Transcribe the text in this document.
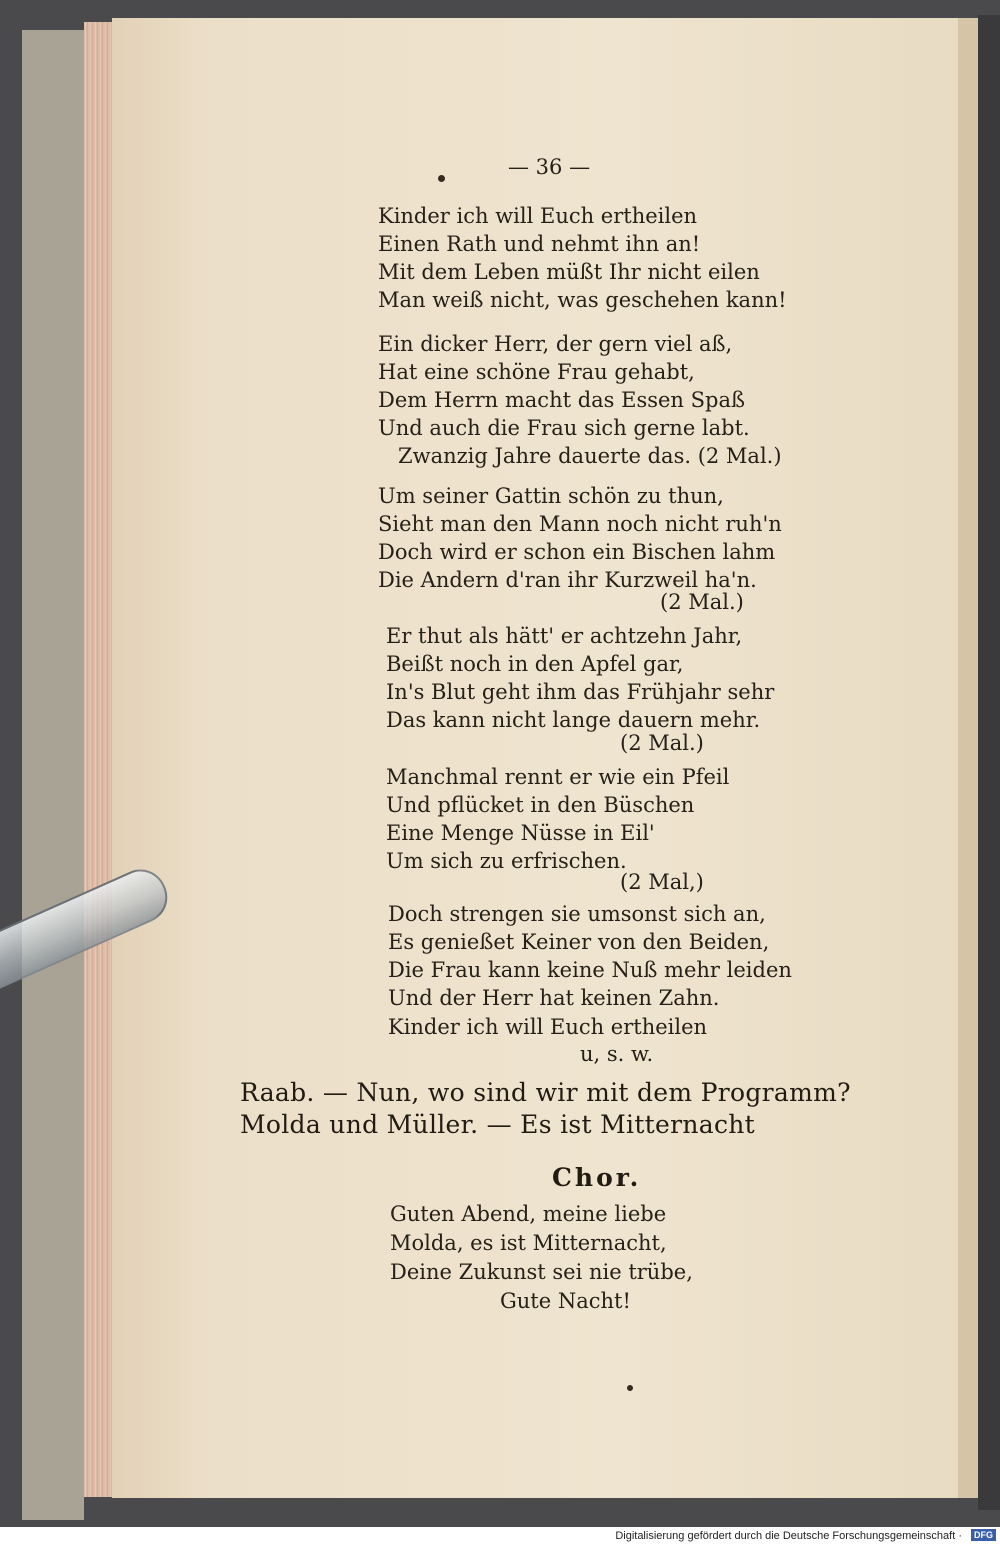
— 36 —
Kinder ich will Euch ertheilen
Einen Rath und nehmt ihn an!
Mit dem Leben müßt Ihr nicht eilen
Man weiß nicht, was geschehen kann!
Ein dicker Herr, der gern viel aß,
Hat eine schöne Frau gehabt,
Dem Herrn macht das Essen Spaß
Und auch die Frau sich gerne labt.
Zwanzig Jahre dauerte das. (2 Mal.)
Um seiner Gattin schön zu thun,
Sieht man den Mann noch nicht ruh'n
Doch wird er schon ein Bischen lahm
Die Andern d'ran ihr Kurzweil ha'n.
(2 Mal.)
Er thut als hätt' er achtzehn Jahr,
Beißt noch in den Apfel gar,
In's Blut geht ihm das Frühjahr sehr
Das kann nicht lange dauern mehr.
(2 Mal.)
Manchmal rennt er wie ein Pfeil
Und pflücket in den Büschen
Eine Menge Nüsse in Eil'
Um sich zu erfrischen.
(2 Mal,)
Doch strengen sie umsonst sich an,
Es genießet Keiner von den Beiden,
Die Frau kann keine Nuß mehr leiden
Und der Herr hat keinen Zahn.
Kinder ich will Euch ertheilen
u, s. w.
Raab. — Nun, wo sind wir mit dem Programm?
Molda und Müller. — Es ist Mitternacht
Chor.
Guten Abend, meine liebe
Molda, es ist Mitternacht,
Deine Zukunst sei nie trübe,
Gute Nacht!
Digitalisierung gefördert durch die Deutsche Forschungsgemeinschaft ·	DFG
